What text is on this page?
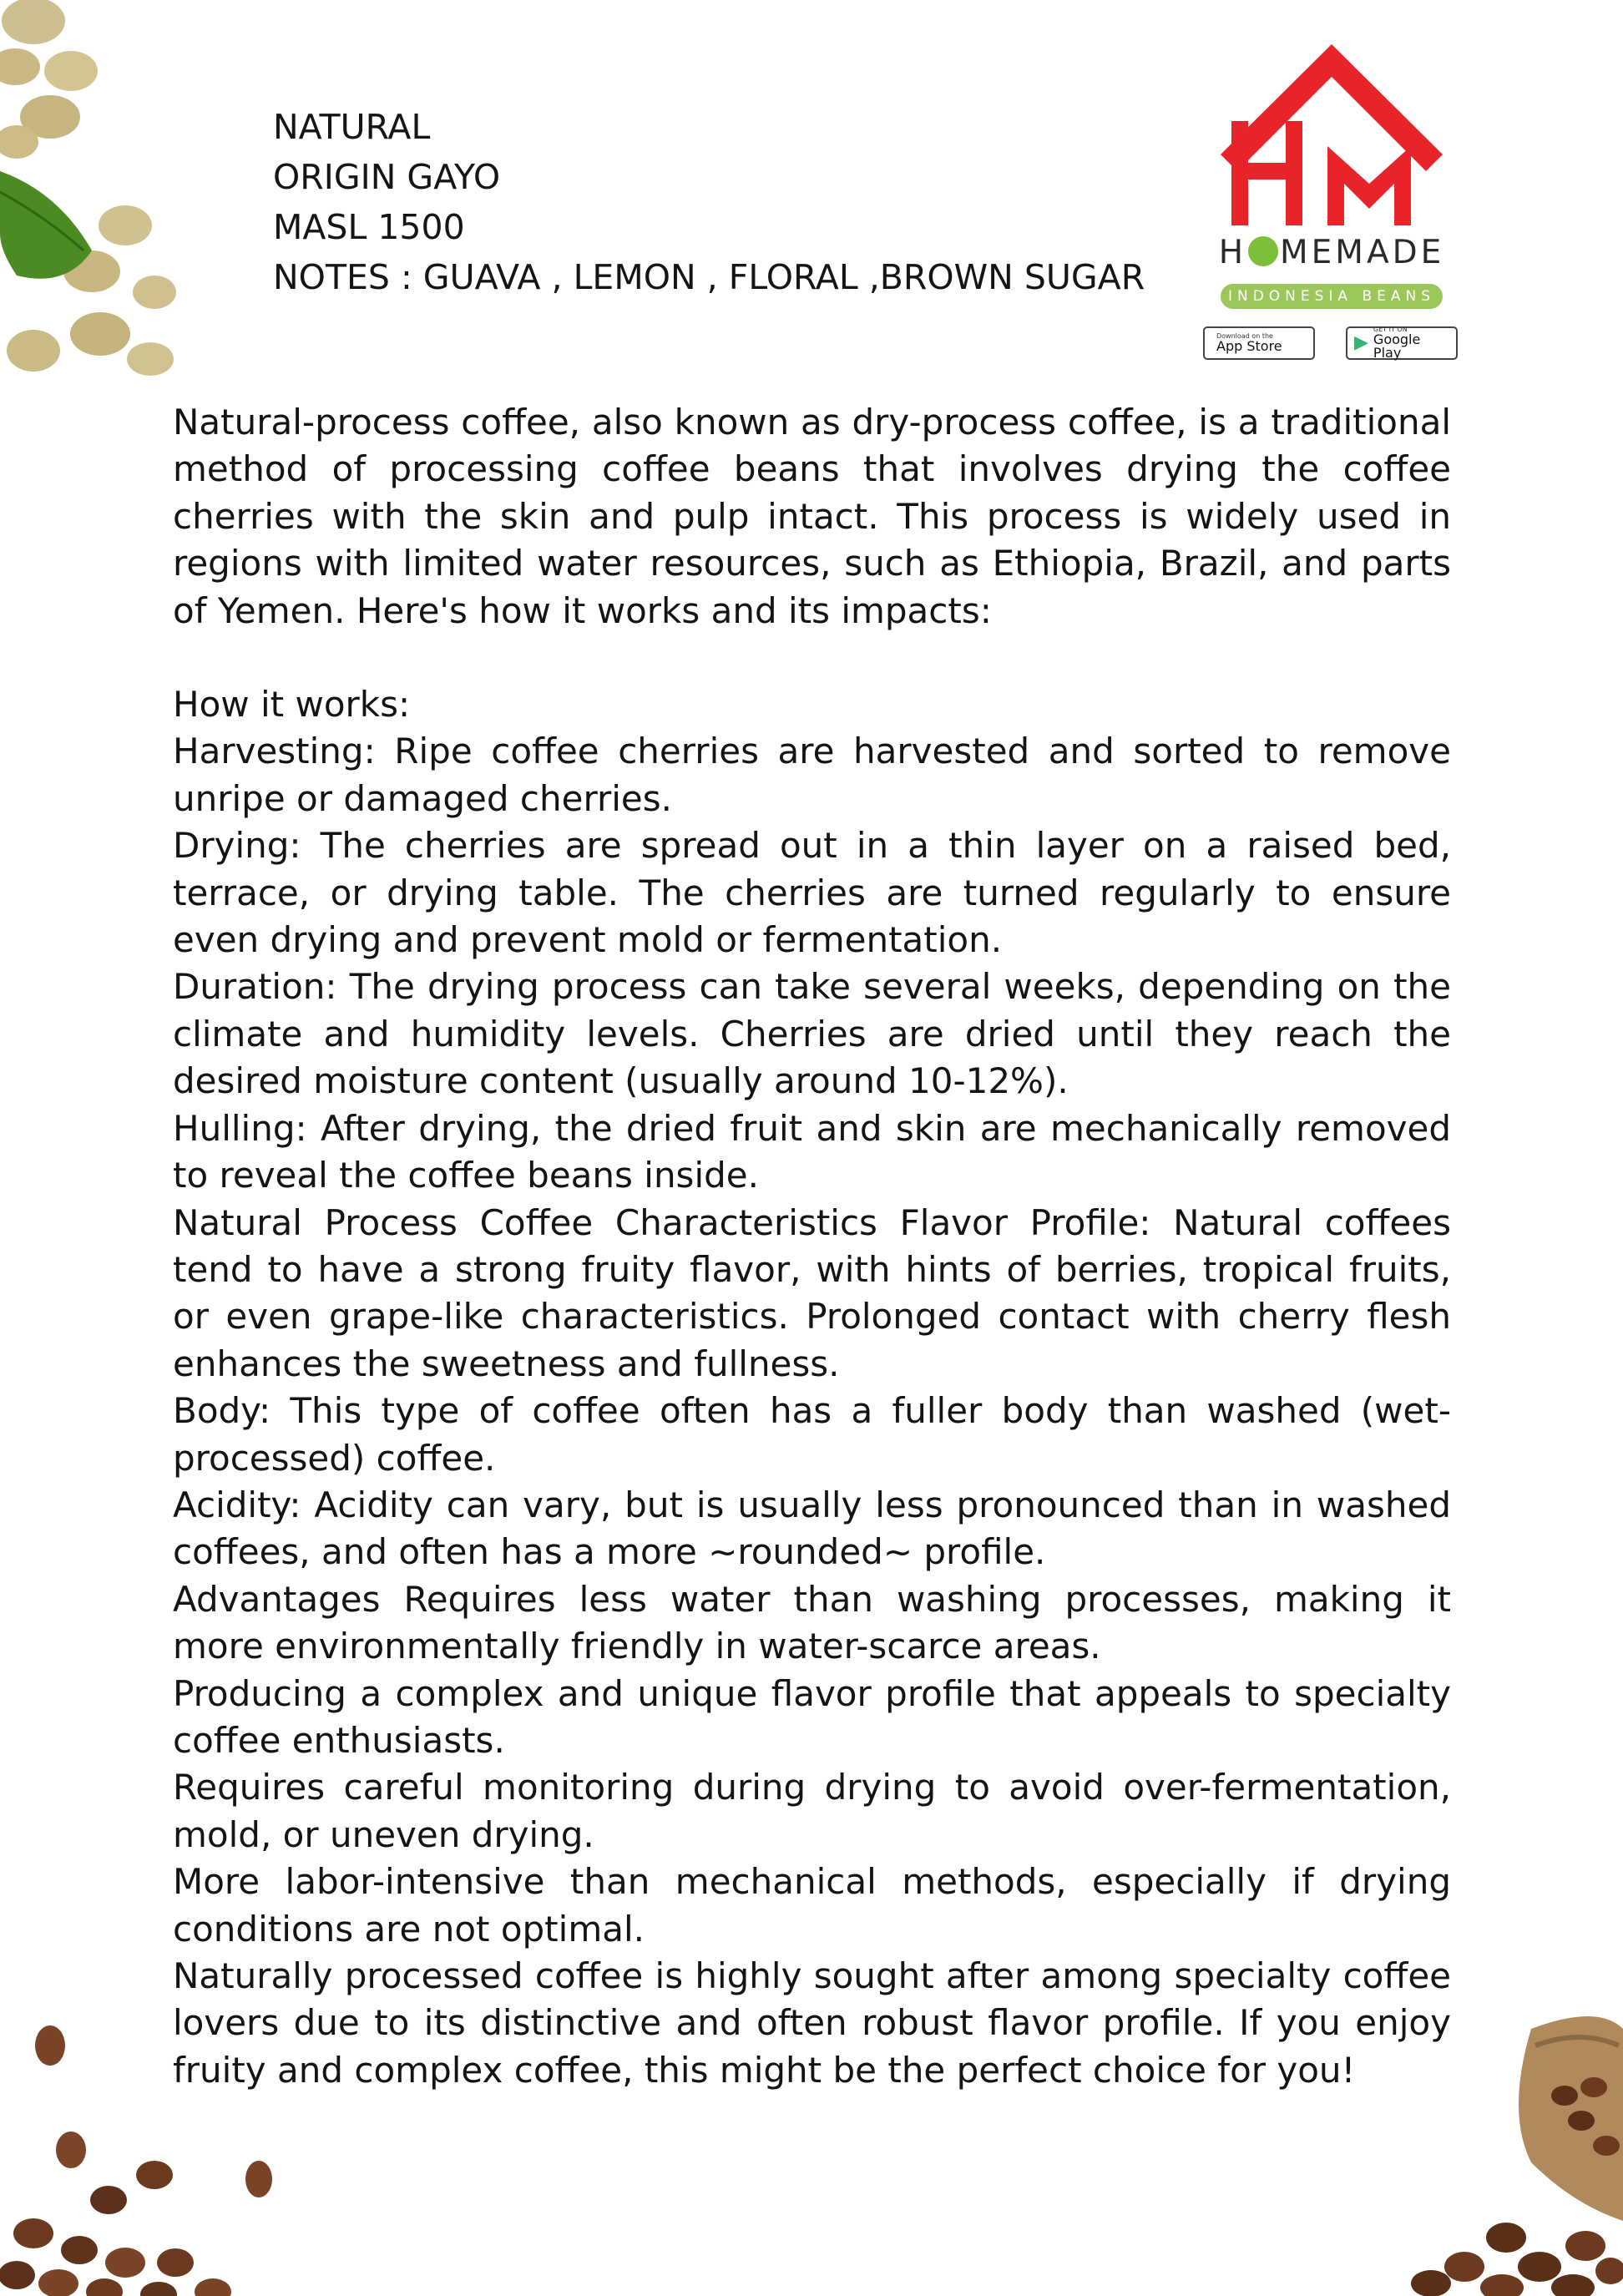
NATURAL
ORIGIN GAYO
MASL 1500
NOTES : GUAVA , LEMON , FLORAL ,BROWN SUGAR
H MEMADE
INDONESIA BEANS
Download on the
App Store	▶
GET IT ON
Google Play

Natural-process coffee, also known as dry-process coffee, is a traditional method of processing coffee beans that involves drying the coffee cherries with the skin and pulp intact. This process is widely used in regions with limited water resources, such as Ethiopia, Brazil, and parts of Yemen. Here's how it works and its impacts:

How it works:

Harvesting: Ripe coffee cherries are harvested and sorted to remove unripe or damaged cherries.

Drying: The cherries are spread out in a thin layer on a raised bed, terrace, or drying table. The cherries are turned regularly to ensure even drying and prevent mold or fermentation.

Duration: The drying process can take several weeks, depending on the climate and humidity levels. Cherries are dried until they reach the desired moisture content (usually around 10-12%).

Hulling: After drying, the dried fruit and skin are mechanically removed to reveal the coffee beans inside.

Natural Process Coffee Characteristics Flavor Profile: Natural coffees tend to have a strong fruity flavor, with hints of berries, tropical fruits, or even grape-like characteristics. Prolonged contact with cherry flesh enhances the sweetness and fullness.

Body: This type of coffee often has a fuller body than washed (wet-processed) coffee.

Acidity: Acidity can vary, but is usually less pronounced than in washed coffees, and often has a more ~rounded~ profile.

Advantages Requires less water than washing processes, making it more environmentally friendly in water-scarce areas.

Producing a complex and unique flavor profile that appeals to specialty coffee enthusiasts.

Requires careful monitoring during drying to avoid over-fermentation, mold, or uneven drying.

More labor-intensive than mechanical methods, especially if drying conditions are not optimal.

Naturally processed coffee is highly sought after among specialty coffee lovers due to its distinctive and often robust flavor profile. If you enjoy fruity and complex coffee, this might be the perfect choice for you!
